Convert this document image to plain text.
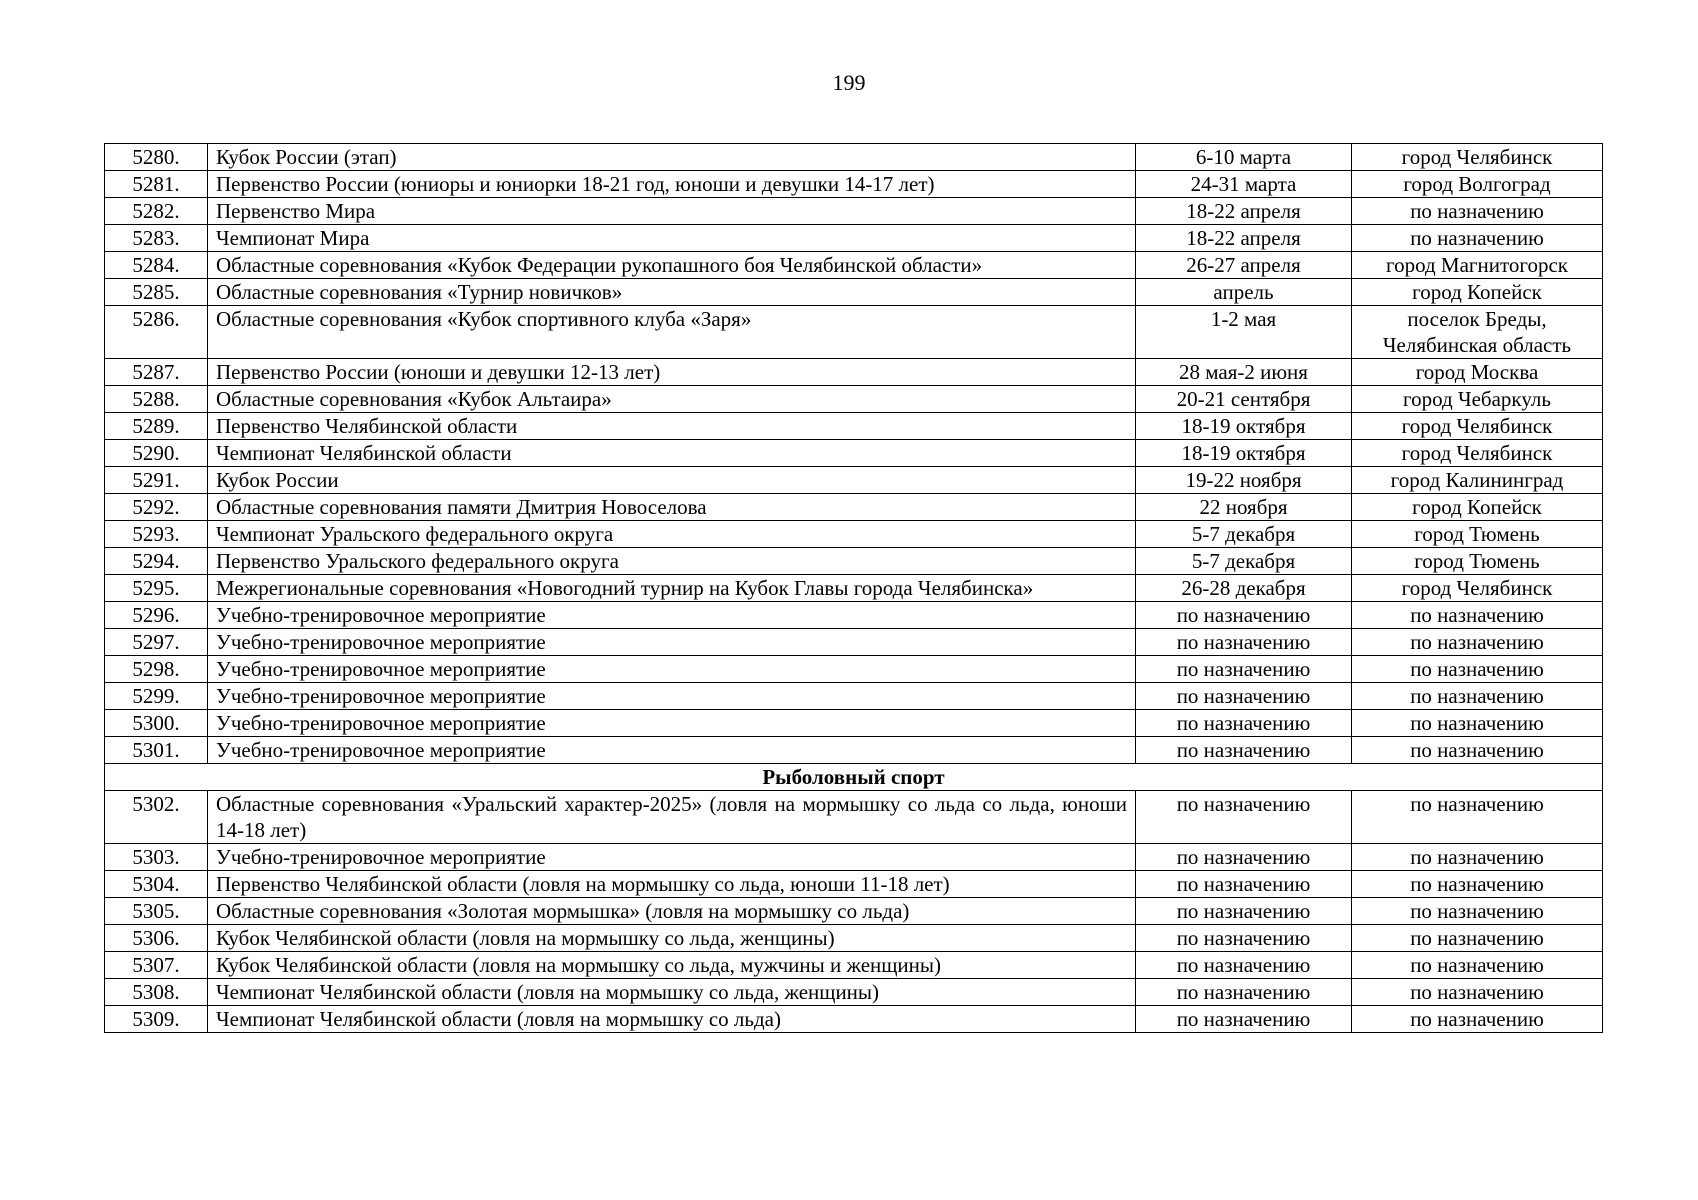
199
5280.	Кубок России (этап)	6-10 марта	город Челябинск
5281.	Первенство России (юниоры и юниорки 18-21 год, юноши и девушки 14-17 лет)	24-31 марта	город Волгоград
5282.	Первенство Мира	18-22 апреля	по назначению
5283.	Чемпионат Мира	18-22 апреля	по назначению
5284.	Областные соревнования «Кубок Федерации рукопашного боя Челябинской области»	26-27 апреля	город Магнитогорск
5285.	Областные соревнования «Турнир новичков»	апрель	город Копейск
5286.	Областные соревнования «Кубок спортивного клуба «Заря»	1-2 мая	поселок Бреды, Челябинская область
5287.	Первенство России (юноши и девушки 12-13 лет)	28 мая-2 июня	город Москва
5288.	Областные соревнования «Кубок Альтаира»	20-21 сентября	город Чебаркуль
5289.	Первенство Челябинской области	18-19 октября	город Челябинск
5290.	Чемпионат Челябинской области	18-19 октября	город Челябинск
5291.	Кубок России	19-22 ноября	город Калининград
5292.	Областные соревнования памяти Дмитрия Новоселова	22 ноября	город Копейск
5293.	Чемпионат Уральского федерального округа	5-7 декабря	город Тюмень
5294.	Первенство Уральского федерального округа	5-7 декабря	город Тюмень
5295.	Межрегиональные соревнования «Новогодний турнир на Кубок Главы города Челябинска»	26-28 декабря	город Челябинск
5296.	Учебно-тренировочное мероприятие	по назначению	по назначению
5297.	Учебно-тренировочное мероприятие	по назначению	по назначению
5298.	Учебно-тренировочное мероприятие	по назначению	по назначению
5299.	Учебно-тренировочное мероприятие	по назначению	по назначению
5300.	Учебно-тренировочное мероприятие	по назначению	по назначению
5301.	Учебно-тренировочное мероприятие	по назначению	по назначению
Рыболовный спорт			
5302.	Областные соревнования «Уральский характер-2025» (ловля на мормышку со льда со льда, юноши 14-18 лет)	по назначению	по назначению
5303.	Учебно-тренировочное мероприятие	по назначению	по назначению
5304.	Первенство Челябинской области (ловля на мормышку со льда, юноши 11-18 лет)	по назначению	по назначению
5305.	Областные соревнования «Золотая мормышка» (ловля на мормышку со льда)	по назначению	по назначению
5306.	Кубок Челябинской области (ловля на мормышку со льда, женщины)	по назначению	по назначению
5307.	Кубок Челябинской области (ловля на мормышку со льда, мужчины и женщины)	по назначению	по назначению
5308.	Чемпионат Челябинской области (ловля на мормышку со льда, женщины)	по назначению	по назначению
5309.	Чемпионат Челябинской области (ловля на мормышку со льда)	по назначению	по назначению
